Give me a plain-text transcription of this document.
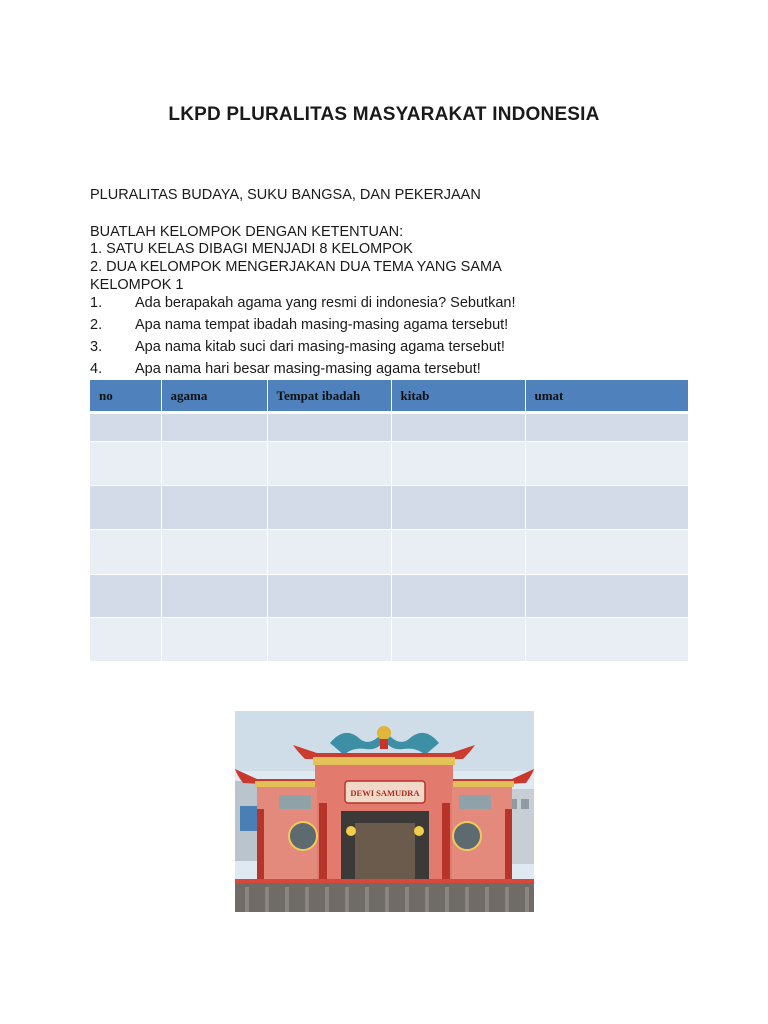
LKPD PLURALITAS MASYARAKAT INDONESIA
PLURALITAS BUDAYA, SUKU BANGSA, DAN PEKERJAAN
BUATLAH KELOMPOK DENGAN KETENTUAN:
1. SATU KELAS DIBAGI MENJADI 8 KELOMPOK
2. DUA KELOMPOK MENGERJAKAN DUA TEMA YANG SAMA
KELOMPOK 1
1. Ada berapakah agama yang resmi di indonesia? Sebutkan!
2. Apa nama tempat ibadah masing-masing agama tersebut!
3. Apa nama kitab suci dari masing-masing agama tersebut!
4. Apa nama hari besar masing-masing agama tersebut!
no	agama	Tempat ibadah	kitab	umat

DEWI SAMUDRA
